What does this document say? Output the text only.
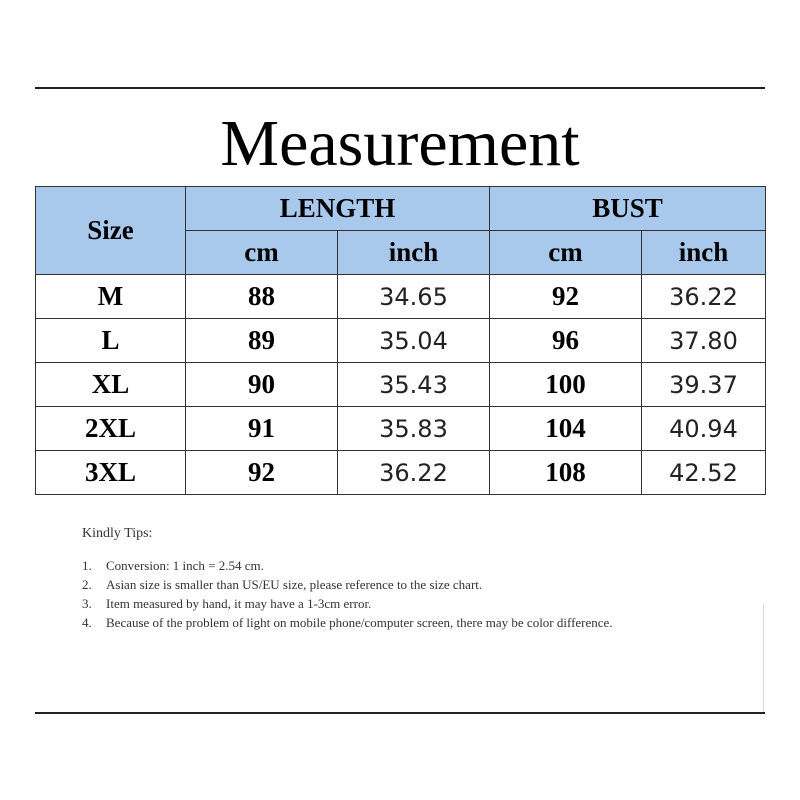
Measurement
Size	LENGTH		BUST	
	cm	inch	cm	inch
M	88	34.65	92	36.22
L	89	35.04	96	37.80
XL	90	35.43	100	39.37
2XL	91	35.83	104	40.94
3XL	92	36.22	108	42.52
Kindly Tips:
1. Conversion: 1 inch = 2.54 cm.
2. Asian size is smaller than US/EU size, please reference to the size chart.
3. Item measured by hand, it may have a 1-3cm error.
4. Because of the problem of light on mobile phone/computer screen, there may be color difference.
